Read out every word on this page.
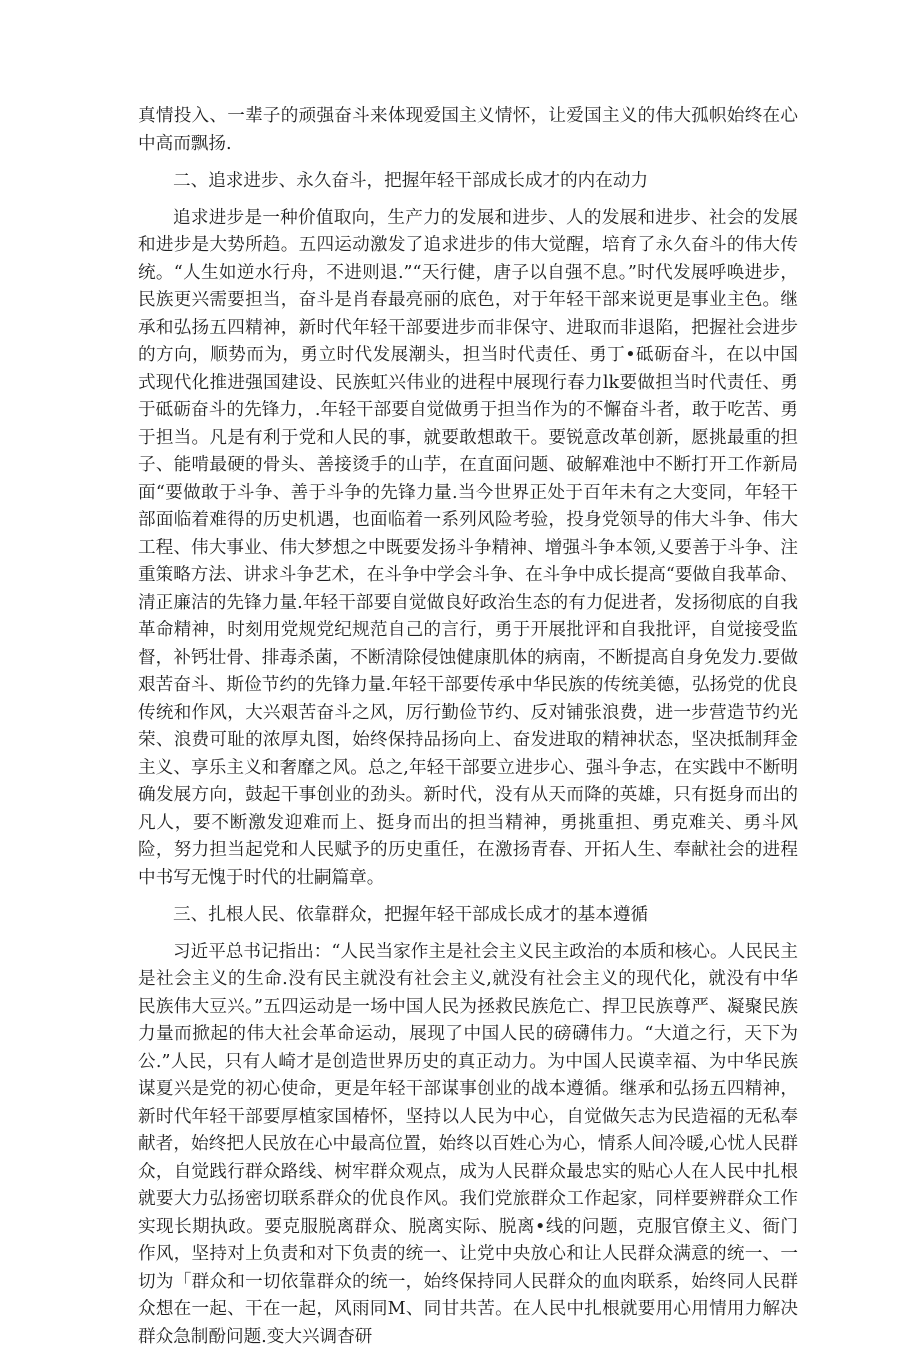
真情投入、一辈子的顽强奋斗来体现爱国主义情怀，让爱国主义的伟大孤帜始终在心中高而飘扬.

二、追求进步、永久奋斗，把握年轻干部成长成才的内在动力

追求进步是一种价值取向，生产力的发展和进步、人的发展和进步、社会的发展和进步是大势所趋。五四运动激发了追求进步的伟大觉醒，培育了永久奋斗的伟大传统。“人生如逆水行舟，不进则退.”“天行健，唐子以自强不息。”时代发展呼唤进步，民族更兴需要担当，奋斗是肖春最亮丽的底色，对于年轻干部来说更是事业主色。继承和弘扬五四精神，新时代年轻干部要进步而非保守、进取而非退陷，把握社会进步的方向，顺势而为，勇立时代发展潮头，担当时代责任、勇丁•砥砺奋斗，在以中国式现代化推进强国建设、民族虹兴伟业的进程中展现行春力lk要做担当时代责任、勇于砥砺奋斗的先锋力，.年轻干部要自觉做勇于担当作为的不懈奋斗者，敢于吃苦、勇于担当。凡是有利于党和人民的事，就要敢想敢干。要锐意改革创新，愿挑最重的担子、能啃最硬的骨头、善接烫手的山芋，在直面问题、破解难池中不断打开工作新局面“要做敢于斗争、善于斗争的先锋力量.当今世界正处于百年未有之大变同，年轻干部面临着难得的历史机遇，也面临着一系列风险考验，投身党领导的伟大斗争、伟大工程、伟大事业、伟大梦想之中既要发扬斗争精神、增强斗争本领,乂要善于斗争、注重策略方法、讲求斗争艺术，在斗争中学会斗争、在斗争中成长提高“要做自我革命、清正廉洁的先锋力量.年轻干部要自觉做良好政治生态的有力促进者，发扬彻底的自我革命精神，时刻用党规党纪规范自己的言行，勇于开展批评和自我批评，自觉接受监督，补钙壮骨、排毒杀菌，不断清除侵蚀健康肌体的病南，不断提高自身免发力.要做艰苦奋斗、斯俭节约的先锋力量.年轻干部要传承中华民族的传统美德，弘扬党的优良传统和作风，大兴艰苦奋斗之风，厉行勤俭节约、反对铺张浪费，进一步营造节约光荣、浪费可耻的浓厚丸图，始终保持品扬向上、奋发进取的精神状态，坚决抵制拜金主义、享乐主义和奢靡之风。总之,年轻干部要立进步心、强斗争志，在实践中不断明确发展方向，鼓起干事创业的劲头。新时代，没有从天而降的英雄，只有挺身而出的凡人，要不断激发迎难而上、挺身而出的担当精神，勇挑重担、勇克难关、勇斗风险，努力担当起党和人民赋予的历史重任，在激扬青春、开拓人生、奉献社会的进程中书写无愧于时代的壮嗣篇章。

三、扎根人民、依靠群众，把握年轻干部成长成才的基本遵循

习近平总书记指出：“人民当家作主是社会主义民主政治的本质和核心。人民民主是社会主义的生命.没有民主就没有社会主义,就没有社会主义的现代化，就没有中华民族伟大豆兴。”五四运动是一场中国人民为拯救民族危亡、捍卫民族尊严、凝聚民族力量而掀起的伟大社会革命运动，展现了中国人民的磅礴伟力。“大道之行，天下为公.”人民，只有人崎才是创造世界历史的真正动力。为中国人民谟幸福、为中华民族谋夏兴是党的初心使命，更是年轻干部谋事创业的战本遵循。继承和弘扬五四精神，新时代年轻干部要厚植家国椿怀，坚持以人民为中心，自觉做矢志为民造福的无私奉献者，始终把人民放在心中最高位置，始终以百姓心为心，情系人间冷暖,心忧人民群众，自觉践行群众路线、树牢群众观点，成为人民群众最忠实的贴心人在人民中扎根就要大力弘扬密切联系群众的优良作风。我们党旅群众工作起家，同样要辨群众工作实现长期执政。要克服脱离群众、脱离实际、脱离•线的问题，克服官僚主义、衙门作风，坚持对上负责和对下负责的统一、让党中央放心和让人民群众满意的统一、一切为「群众和一切依靠群众的统一，始终保持同人民群众的血肉联系，始终同人民群众想在一起、干在一起，风雨同M、同甘共苦。在人民中扎根就要用心用情用力解决群众急制酚问题.变大兴调杳研
